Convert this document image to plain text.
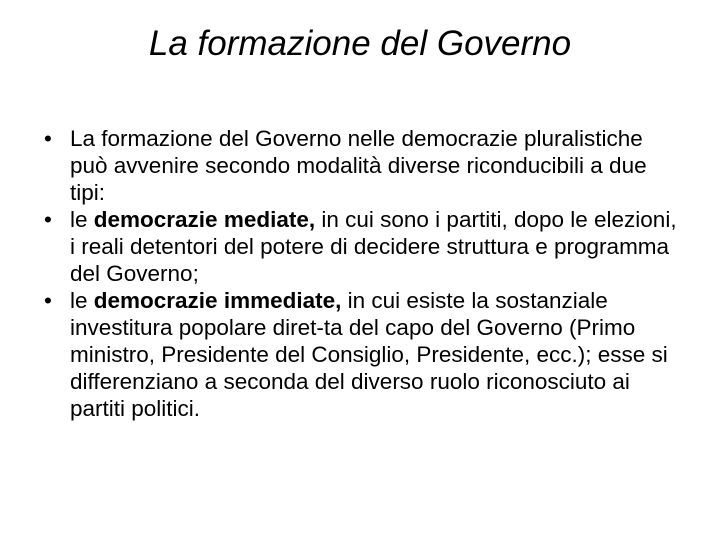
La formazione del Governo
• La formazione del Governo nelle democrazie pluralistiche può avvenire secondo modalità diverse riconducibili a due tipi:
• le democrazie mediate, in cui sono i partiti, dopo le elezioni, i reali detentori del potere di decidere struttura e programma del Governo;
• le democrazie immediate, in cui esiste la sostanziale investitura popolare diret-ta del capo del Governo (Primo ministro, Presidente del Consiglio, Presidente, ecc.); esse si differenziano a seconda del diverso ruolo riconosciuto ai partiti politici.
